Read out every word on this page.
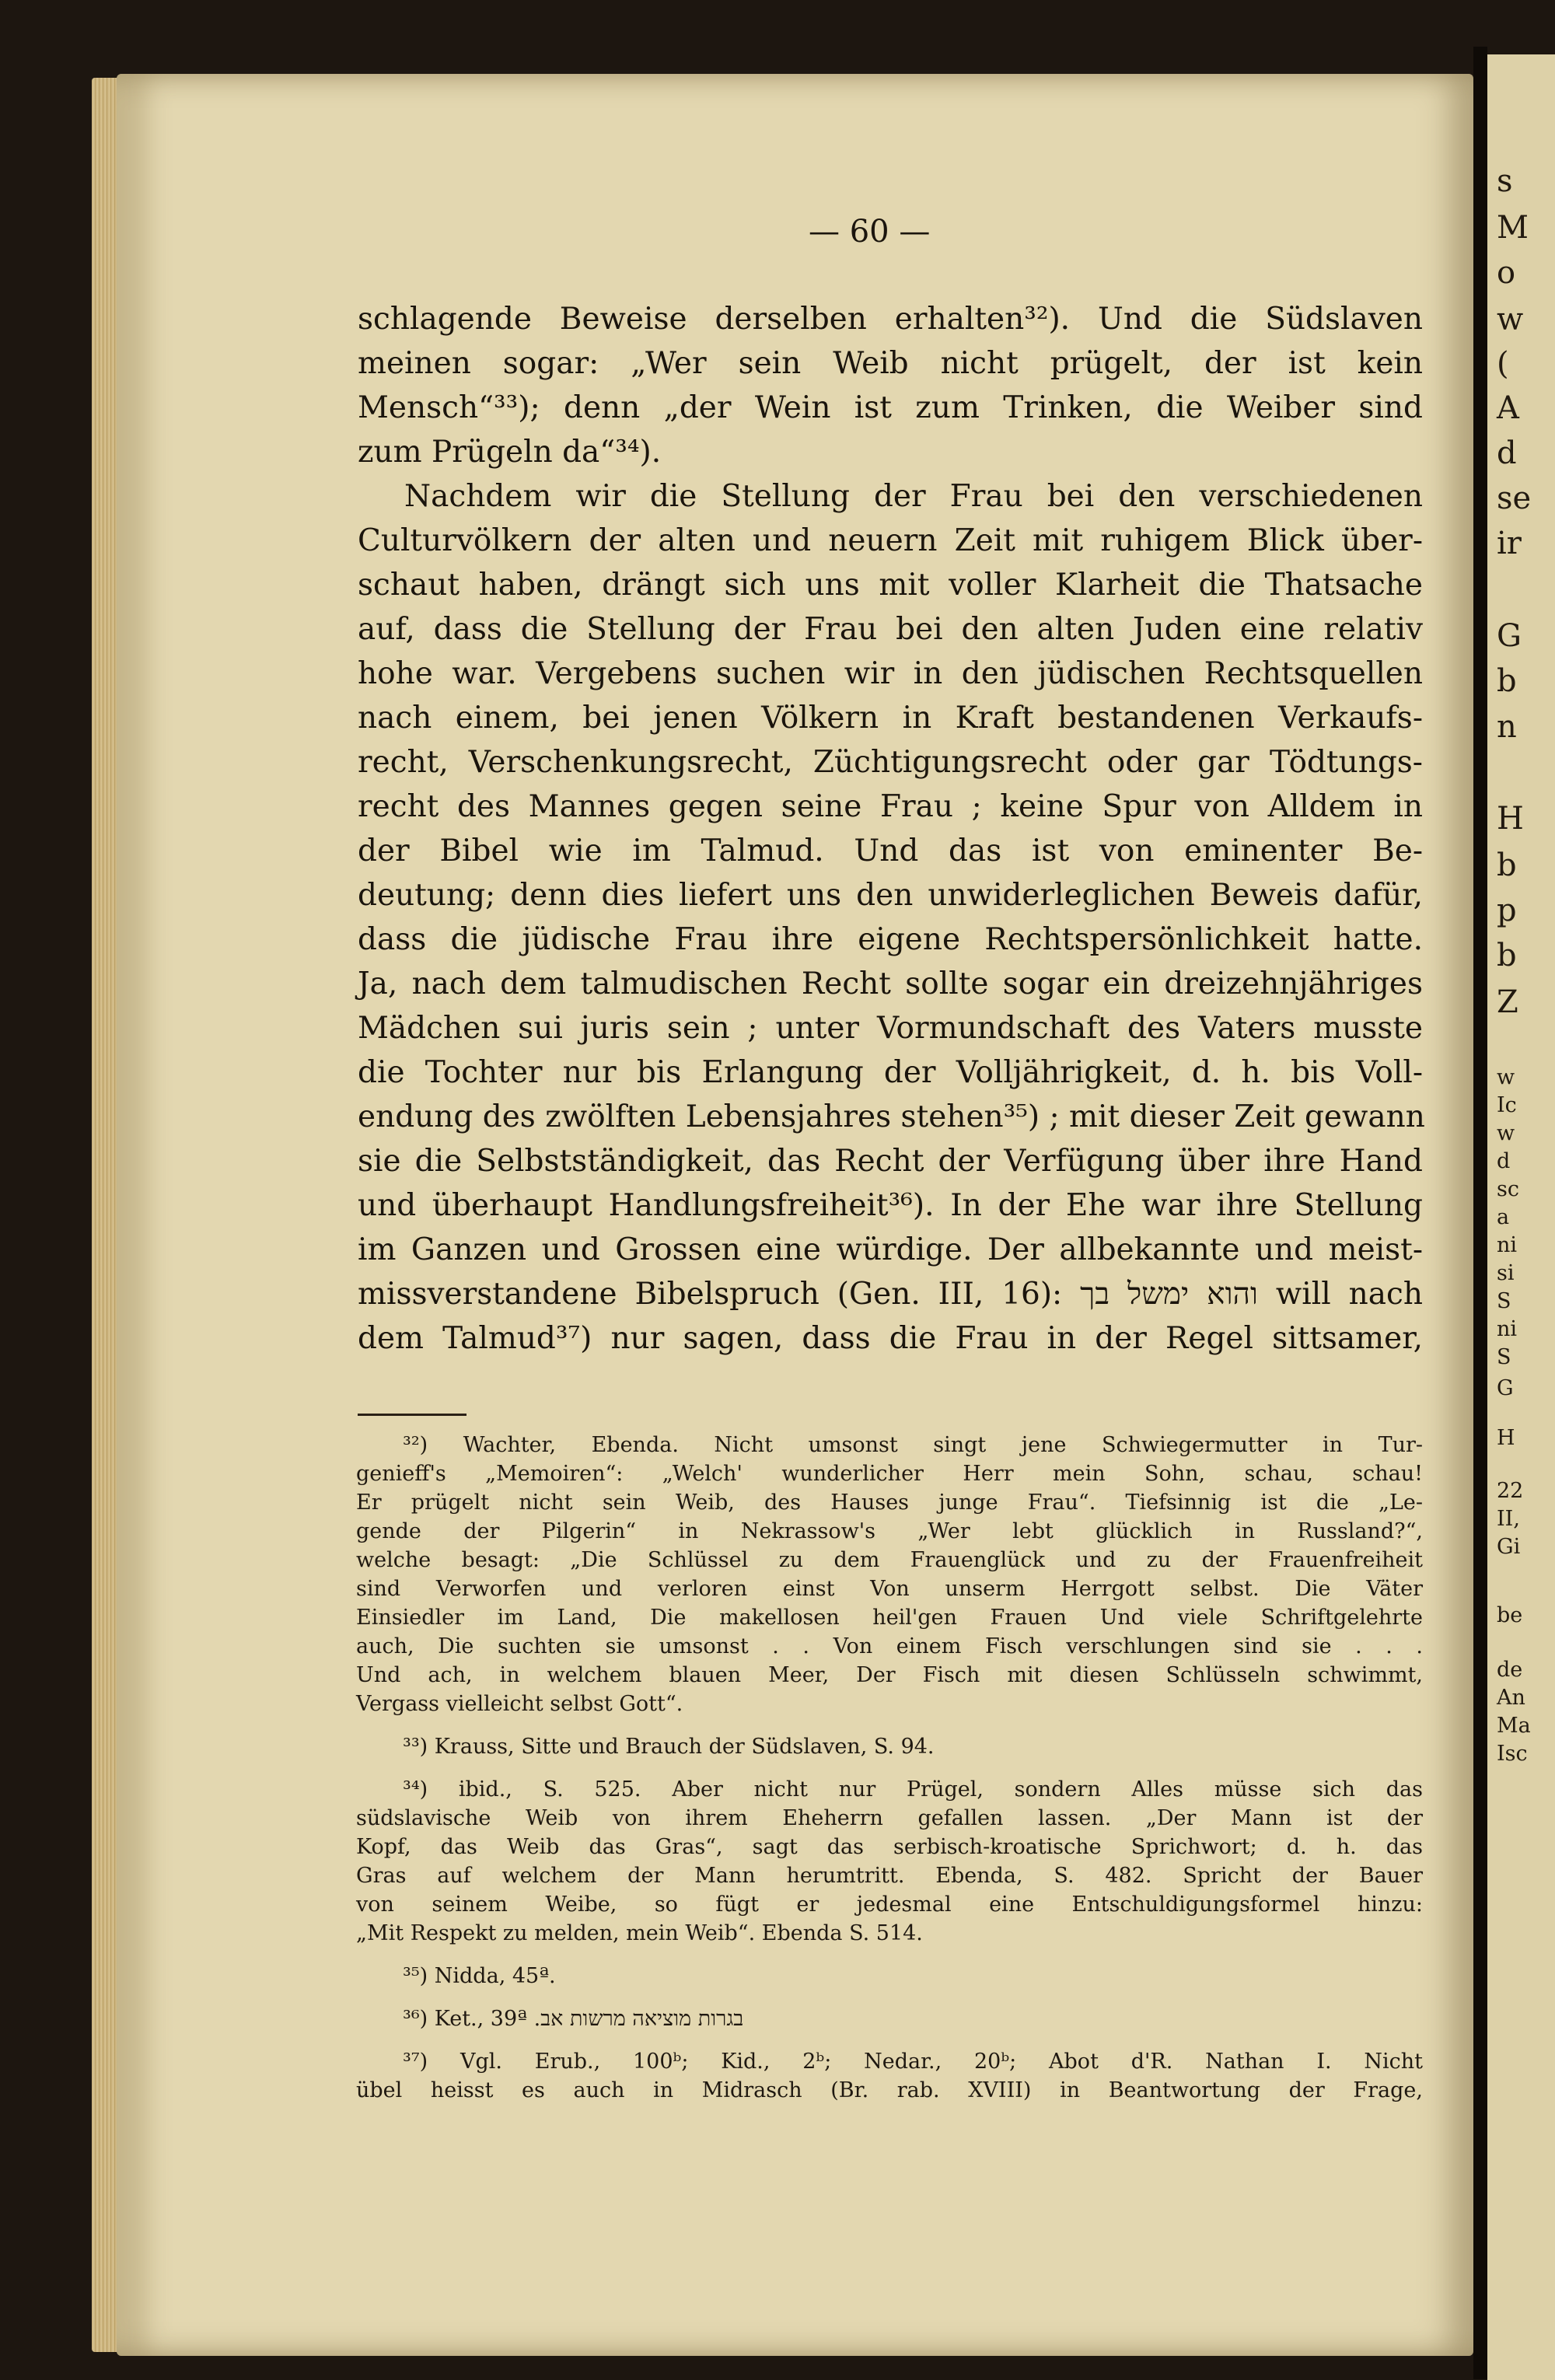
s
M
o
w
(
A
d
se
ir
G
b
n
H
b
p
b
Z
w
Ic
w
d
sc
a
ni
si
S
ni
S
G
H
22
II,
Gi
be
de
An
Ma
Isc
— 60 —
schlagende Beweise derselben erhalten³²). Und die Südslaven
meinen sogar: „Wer sein Weib nicht prügelt, der ist kein
Mensch“³³); denn „der Wein ist zum Trinken, die Weiber sind
zum Prügeln da“³⁴).
Nachdem wir die Stellung der Frau bei den verschiedenen
Culturvölkern der alten und neuern Zeit mit ruhigem Blick über-
schaut haben, drängt sich uns mit voller Klarheit die Thatsache
auf, dass die Stellung der Frau bei den alten Juden eine relativ
hohe war. Vergebens suchen wir in den jüdischen Rechtsquellen
nach einem, bei jenen Völkern in Kraft bestandenen Verkaufs-
recht, Verschenkungsrecht, Züchtigungsrecht oder gar Tödtungs-
recht des Mannes gegen seine Frau ; keine Spur von Alldem in
der Bibel wie im Talmud. Und das ist von eminenter Be-
deutung; denn dies liefert uns den unwiderleglichen Beweis dafür,
dass die jüdische Frau ihre eigene Rechtspersönlichkeit hatte.
Ja, nach dem talmudischen Recht sollte sogar ein dreizehnjähriges
Mädchen sui juris sein ; unter Vormundschaft des Vaters musste
die Tochter nur bis Erlangung der Volljährigkeit, d. h. bis Voll-
endung des zwölften Lebensjahres stehen³⁵) ; mit dieser Zeit gewann
sie die Selbstständigkeit, das Recht der Verfügung über ihre Hand
und überhaupt Handlungsfreiheit³⁶). In der Ehe war ihre Stellung
im Ganzen und Grossen eine würdige. Der allbekannte und meist-
missverstandene Bibelspruch (Gen. III, 16): והוא ימשל בך will nach
dem Talmud³⁷) nur sagen, dass die Frau in der Regel sittsamer,
³²) Wachter, Ebenda. Nicht umsonst singt jene Schwiegermutter in Tur-
genieff's „Memoiren“: „Welch' wunderlicher Herr mein Sohn, schau, schau!
Er prügelt nicht sein Weib, des Hauses junge Frau“. Tiefsinnig ist die „Le-
gende der Pilgerin“ in Nekrassow's „Wer lebt glücklich in Russland?“,
welche besagt: „Die Schlüssel zu dem Frauenglück und zu der Frauenfreiheit
sind Verworfen und verloren einst Von unserm Herrgott selbst. Die Väter
Einsiedler im Land, Die makellosen heil'gen Frauen Und viele Schriftgelehrte
auch, Die suchten sie umsonst . . Von einem Fisch verschlungen sind sie . . .
Und ach, in welchem blauen Meer, Der Fisch mit diesen Schlüsseln schwimmt,
Vergass vielleicht selbst Gott“.
³³) Krauss, Sitte und Brauch der Südslaven, S. 94.
³⁴) ibid., S. 525. Aber nicht nur Prügel, sondern Alles müsse sich das
südslavische Weib von ihrem Eheherrn gefallen lassen. „Der Mann ist der
Kopf, das Weib das Gras“, sagt das serbisch-kroatische Sprichwort; d. h. das
Gras auf welchem der Mann herumtritt. Ebenda, S. 482. Spricht der Bauer
von seinem Weibe, so fügt er jedesmal eine Entschuldigungsformel hinzu:
„Mit Respekt zu melden, mein Weib“. Ebenda S. 514.
³⁵) Nidda, 45ª.
³⁶) Ket., 39ª בגרות מוציאה מרשות אב.
³⁷) Vgl. Erub., 100ᵇ; Kid., 2ᵇ; Nedar., 20ᵇ; Abot d'R. Nathan I. Nicht
übel heisst es auch in Midrasch (Br. rab. XVIII) in Beantwortung der Frage,
